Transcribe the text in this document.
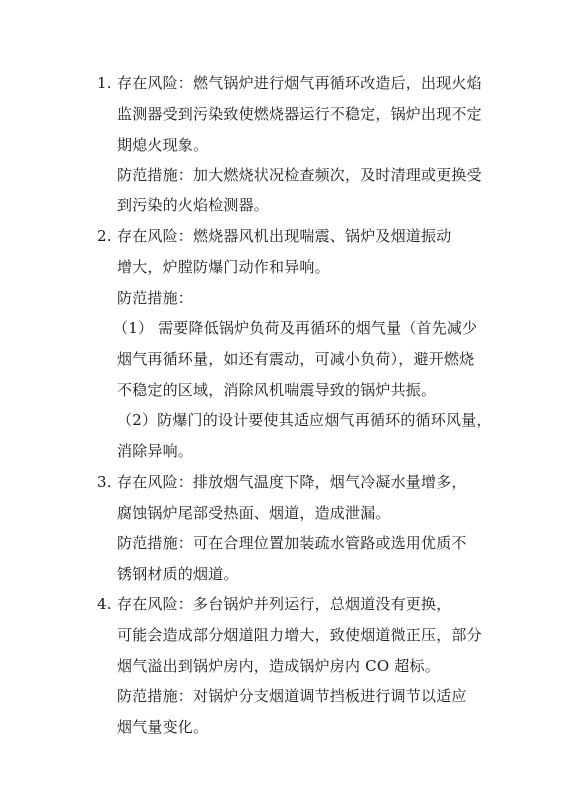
1. 存在风险：燃气锅炉进行烟气再循环改造后，出现火焰
监测器受到污染致使燃烧器运行不稳定，锅炉出现不定
期熄火现象。
防范措施：加大燃烧状况检查频次，及时清理或更换受
到污染的火焰检测器。
2. 存在风险：燃烧器风机出现喘震、锅炉及烟道振动
增大，炉膛防爆门动作和异响。
防范措施：
（1） 需要降低锅炉负荷及再循环的烟气量（首先减少
烟气再循环量，如还有震动，可减小负荷），避开燃烧
不稳定的区域，消除风机喘震导致的锅炉共振。
（2）防爆门的设计要使其适应烟气再循环的循环风量，
消除异响。
3. 存在风险：排放烟气温度下降，烟气冷凝水量增多，
腐蚀锅炉尾部受热面、烟道，造成泄漏。
防范措施：可在合理位置加装疏水管路或选用优质不
锈钢材质的烟道。
4. 存在风险：多台锅炉并列运行，总烟道没有更换，
可能会造成部分烟道阻力增大，致使烟道微正压，部分
烟气溢出到锅炉房内，造成锅炉房内 CO 超标。
防范措施：对锅炉分支烟道调节挡板进行调节以适应
烟气量变化。
